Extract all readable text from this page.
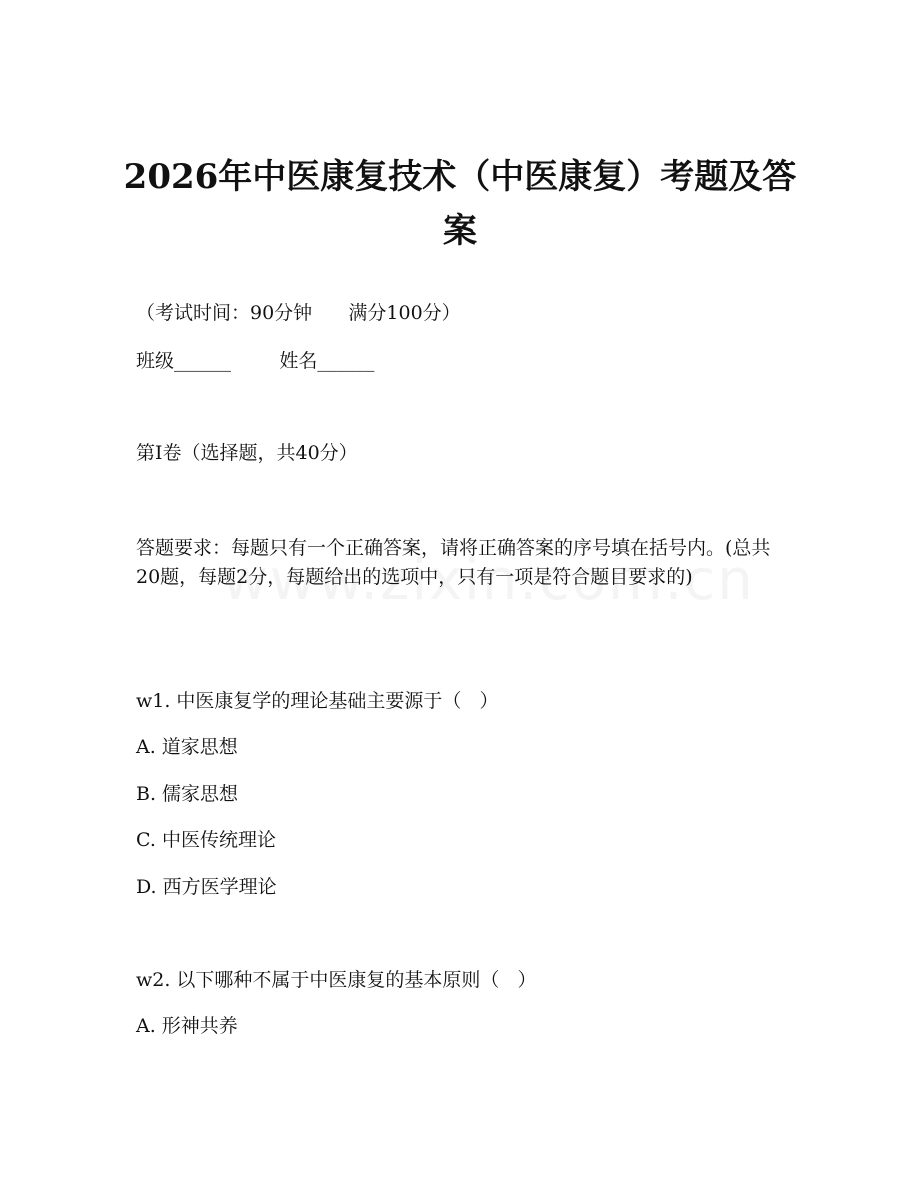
2026年中医康复技术（中医康复）考题及答
案

（考试时间：90分钟      满分100分）

班级______        姓名______

第I卷（选择题，共40分）

答题要求：每题只有一个正确答案，请将正确答案的序号填在括号内。(总共20题，每题2分，每题给出的选项中，只有一项是符合题目要求的)

w1. 中医康复学的理论基础主要源于（   ）

A. 道家思想

B. 儒家思想

C. 中医传统理论

D. 西方医学理论

w2. 以下哪种不属于中医康复的基本原则（   ）

A. 形神共养
